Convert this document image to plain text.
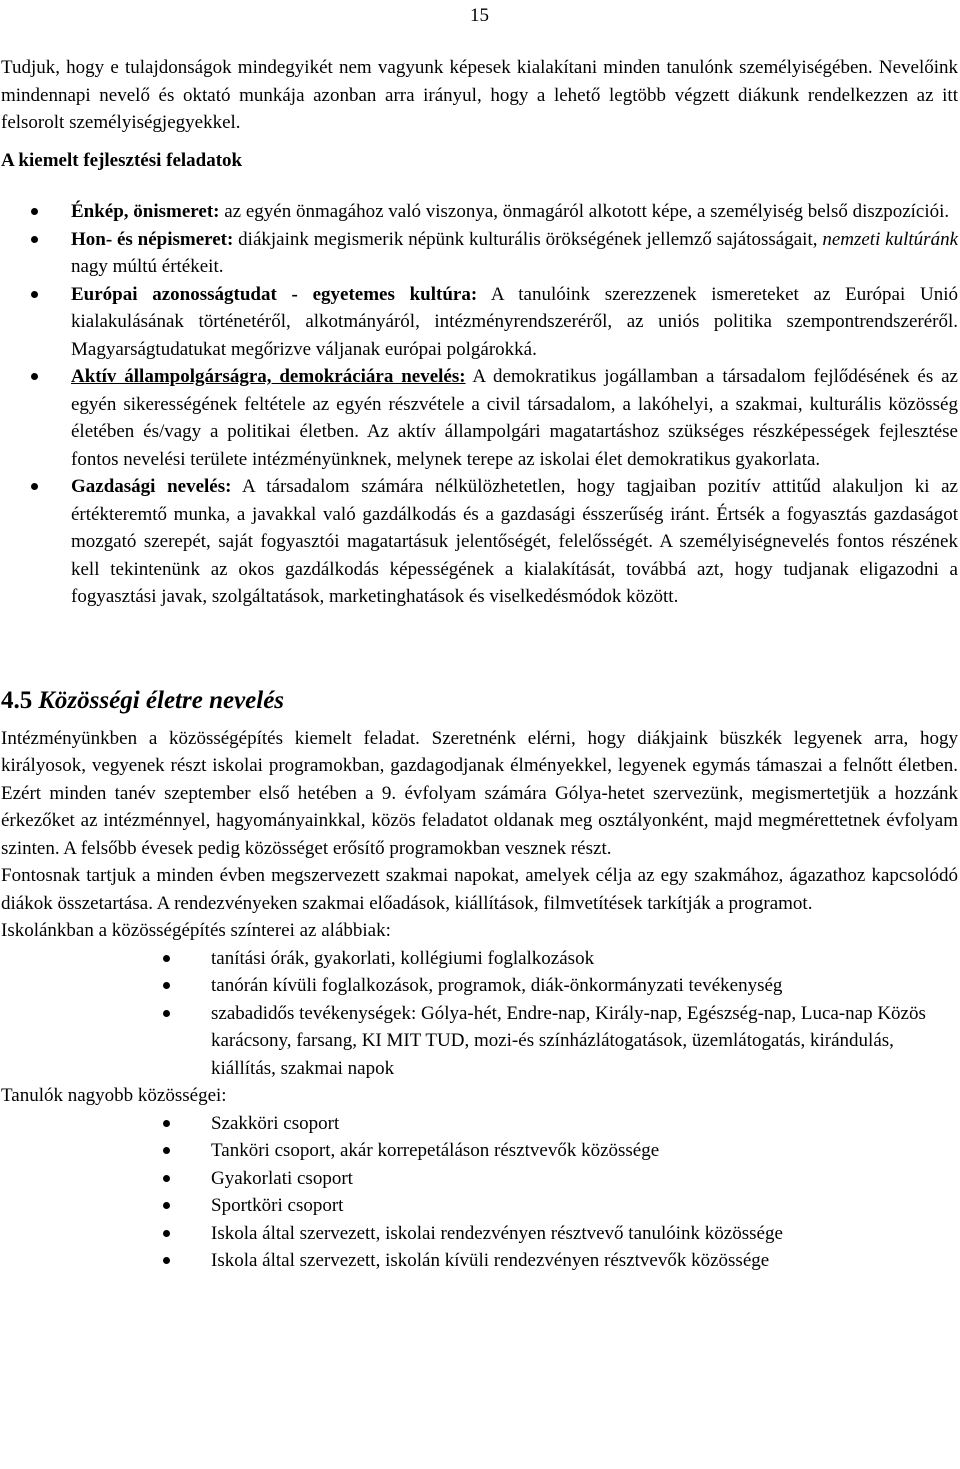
15

Tudjuk, hogy e tulajdonságok mindegyikét nem vagyunk képesek kialakítani minden tanulónk személyiségében. Nevelőink mindennapi nevelő és oktató munkája azonban arra irányul, hogy a lehető legtöbb végzett diákunk rendelkezzen az itt felsorolt személyiségjegyekkel.

A kiemelt fejlesztési feladatok

Énkép, önismeret: az egyén önmagához való viszonya, önmagáról alkotott képe, a személyiség belső diszpozíciói.
Hon- és népismeret: diákjaink megismerik népünk kulturális örökségének jellemző sajátosságait, nemzeti kultúránk nagy múltú értékeit.
Európai azonosságtudat - egyetemes kultúra: A tanulóink szerezzenek ismereteket az Európai Unió kialakulásának történetéről, alkotmányáról, intézményrendszeréről, az uniós politika szempontrendszeréről. Magyarságtudatukat megőrizve váljanak európai polgárokká.
Aktív állampolgárságra, demokráciára nevelés: A demokratikus jogállamban a társadalom fejlődésének és az egyén sikerességének feltétele az egyén részvétele a civil társadalom, a lakóhelyi, a szakmai, kulturális közösség életében és/vagy a politikai életben. Az aktív állampolgári magatartáshoz szükséges részképességek fejlesztése fontos nevelési területe intézményünknek, melynek terepe az iskolai élet demokratikus gyakorlata.
Gazdasági nevelés: A társadalom számára nélkülözhetetlen, hogy tagjaiban pozitív attitűd alakuljon ki az értékteremtő munka, a javakkal való gazdálkodás és a gazdasági ésszerűség iránt. Értsék a fogyasztás gazdaságot mozgató szerepét, saját fogyasztói magatartásuk jelentőségét, felelősségét. A személyiségnevelés fontos részének kell tekintenünk az okos gazdálkodás képességének a kialakítását, továbbá azt, hogy tudjanak eligazodni a fogyasztási javak, szolgáltatások, marketinghatások és viselkedésmódok között.
4.5 Közösségi életre nevelés

Intézményünkben a közösségépítés kiemelt feladat. Szeretnénk elérni, hogy diákjaink büszkék legyenek arra, hogy királyosok, vegyenek részt iskolai programokban, gazdagodjanak élményekkel, legyenek egymás támaszai a felnőtt életben. Ezért minden tanév szeptember első hetében a 9. évfolyam számára Gólya-hetet szervezünk, megismertetjük a hozzánk érkezőket az intézménnyel, hagyományainkkal, közös feladatot oldanak meg osztályonként, majd megmérettetnek évfolyam szinten. A felsőbb évesek pedig közösséget erősítő programokban vesznek részt.

Fontosnak tartjuk a minden évben megszervezett szakmai napokat, amelyek célja az egy szakmához, ágazathoz kapcsolódó diákok összetartása. A rendezvényeken szakmai előadások, kiállítások, filmvetítések tarkítják a programot.

Iskolánkban a közösségépítés színterei az alábbiak:

tanítási órák, gyakorlati, kollégiumi foglalkozások
tanórán kívüli foglalkozások, programok, diák-önkormányzati tevékenység
szabadidős tevékenységek: Gólya-hét, Endre-nap, Király-nap, Egészség-nap, Luca-nap Közös karácsony, farsang, KI MIT TUD, mozi-és színházlátogatások, üzemlátogatás, kirándulás, kiállítás, szakmai napok

Tanulók nagyobb közösségei:

Szakköri csoport
Tanköri csoport, akár korrepetáláson résztvevők közössége
Gyakorlati csoport
Sportköri csoport
Iskola által szervezett, iskolai rendezvényen résztvevő tanulóink közössége
Iskola által szervezett, iskolán kívüli rendezvényen résztvevők közössége
